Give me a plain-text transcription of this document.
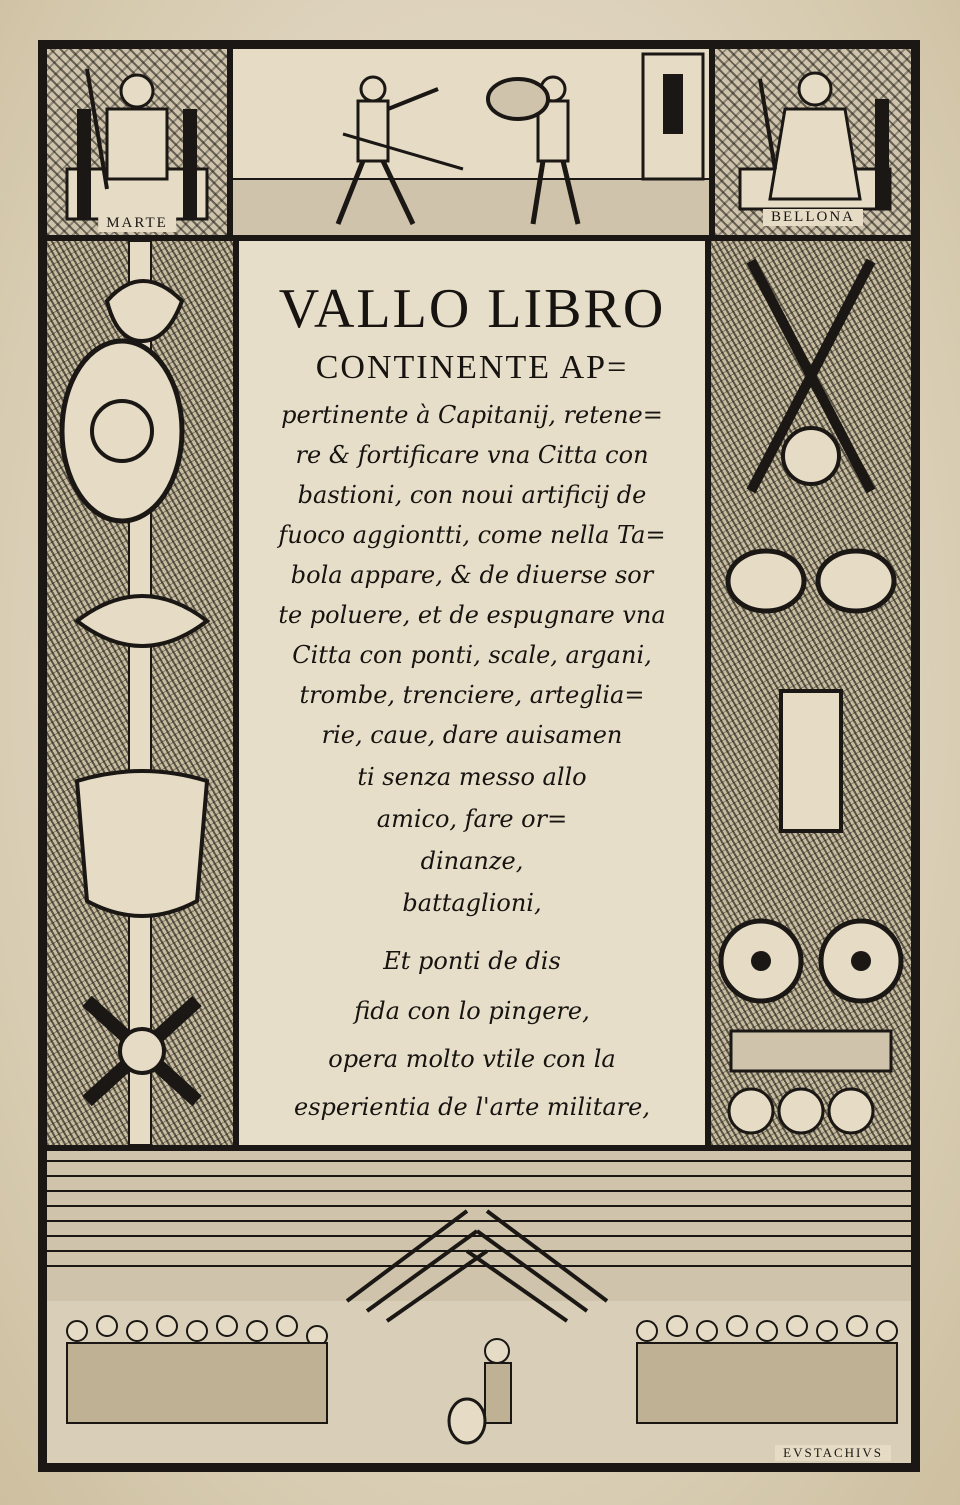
MARTE	BELLONA
VALLO LIBRO
CONTINENTE AP=
pertinente à Capitanij, retene=
re & fortificare vna Citta con
bastioni, con noui artificij de
fuoco aggiontti, come nella Ta=
bola appare, & de diuerse sor
te poluere, et de espugnare vna
Citta con ponti, scale, argani,
trombe, trenciere, arteglia=
rie, caue, dare auisamen
ti senza messo allo
amico, fare or=
dinanze,
battaglioni,
Et ponti de dis
fida con lo pingere,
opera molto vtile con la
esperientia de l'arte militare,
EVSTACHIVS
